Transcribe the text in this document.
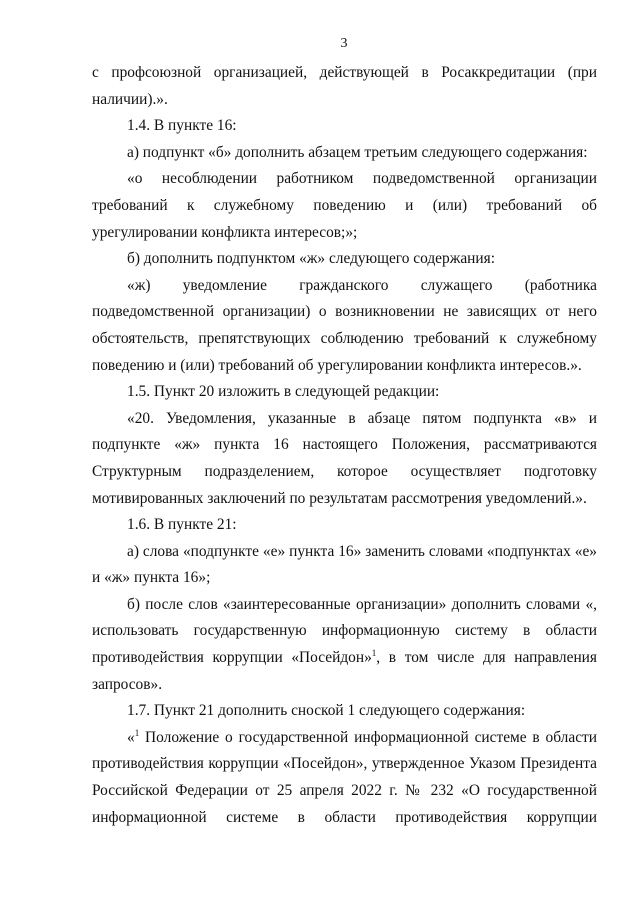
3

с профсоюзной организацией, действующей в Росаккредитации (при наличии).».

1.4. В пункте 16:

а) подпункт «б» дополнить абзацем третьим следующего содержания:

«о несоблюдении работником подведомственной организации требований к служебному поведению и (или) требований об урегулировании конфликта интересов;»;

б) дополнить подпунктом «ж» следующего содержания:

«ж) уведомление гражданского служащего (работника подведомственной организации) о возникновении не зависящих от него обстоятельств, препятствующих соблюдению требований к служебному поведению и (или) требований об урегулировании конфликта интересов.».

1.5. Пункт 20 изложить в следующей редакции:

«20. Уведомления, указанные в абзаце пятом подпункта «в» и подпункте «ж» пункта 16 настоящего Положения, рассматриваются Структурным подразделением, которое осуществляет подготовку мотивированных заключений по результатам рассмотрения уведомлений.».

1.6. В пункте 21:

а) слова «подпункте «е» пункта 16» заменить словами «подпунктах «е» и «ж» пункта 16»;

б) после слов «заинтересованные организации» дополнить словами «, использовать государственную информационную систему в области противодействия коррупции «Посейдон»$^1$, в том числе для направления запросов».

1.7. Пункт 21 дополнить сноской 1 следующего содержания:

«$^1$ Положение о государственной информационной системе в области противодействия коррупции «Посейдон», утвержденное Указом Президента Российской Федерации от 25 апреля 2022 г. № 232 «О государственной информационной системе в области противодействия коррупции
